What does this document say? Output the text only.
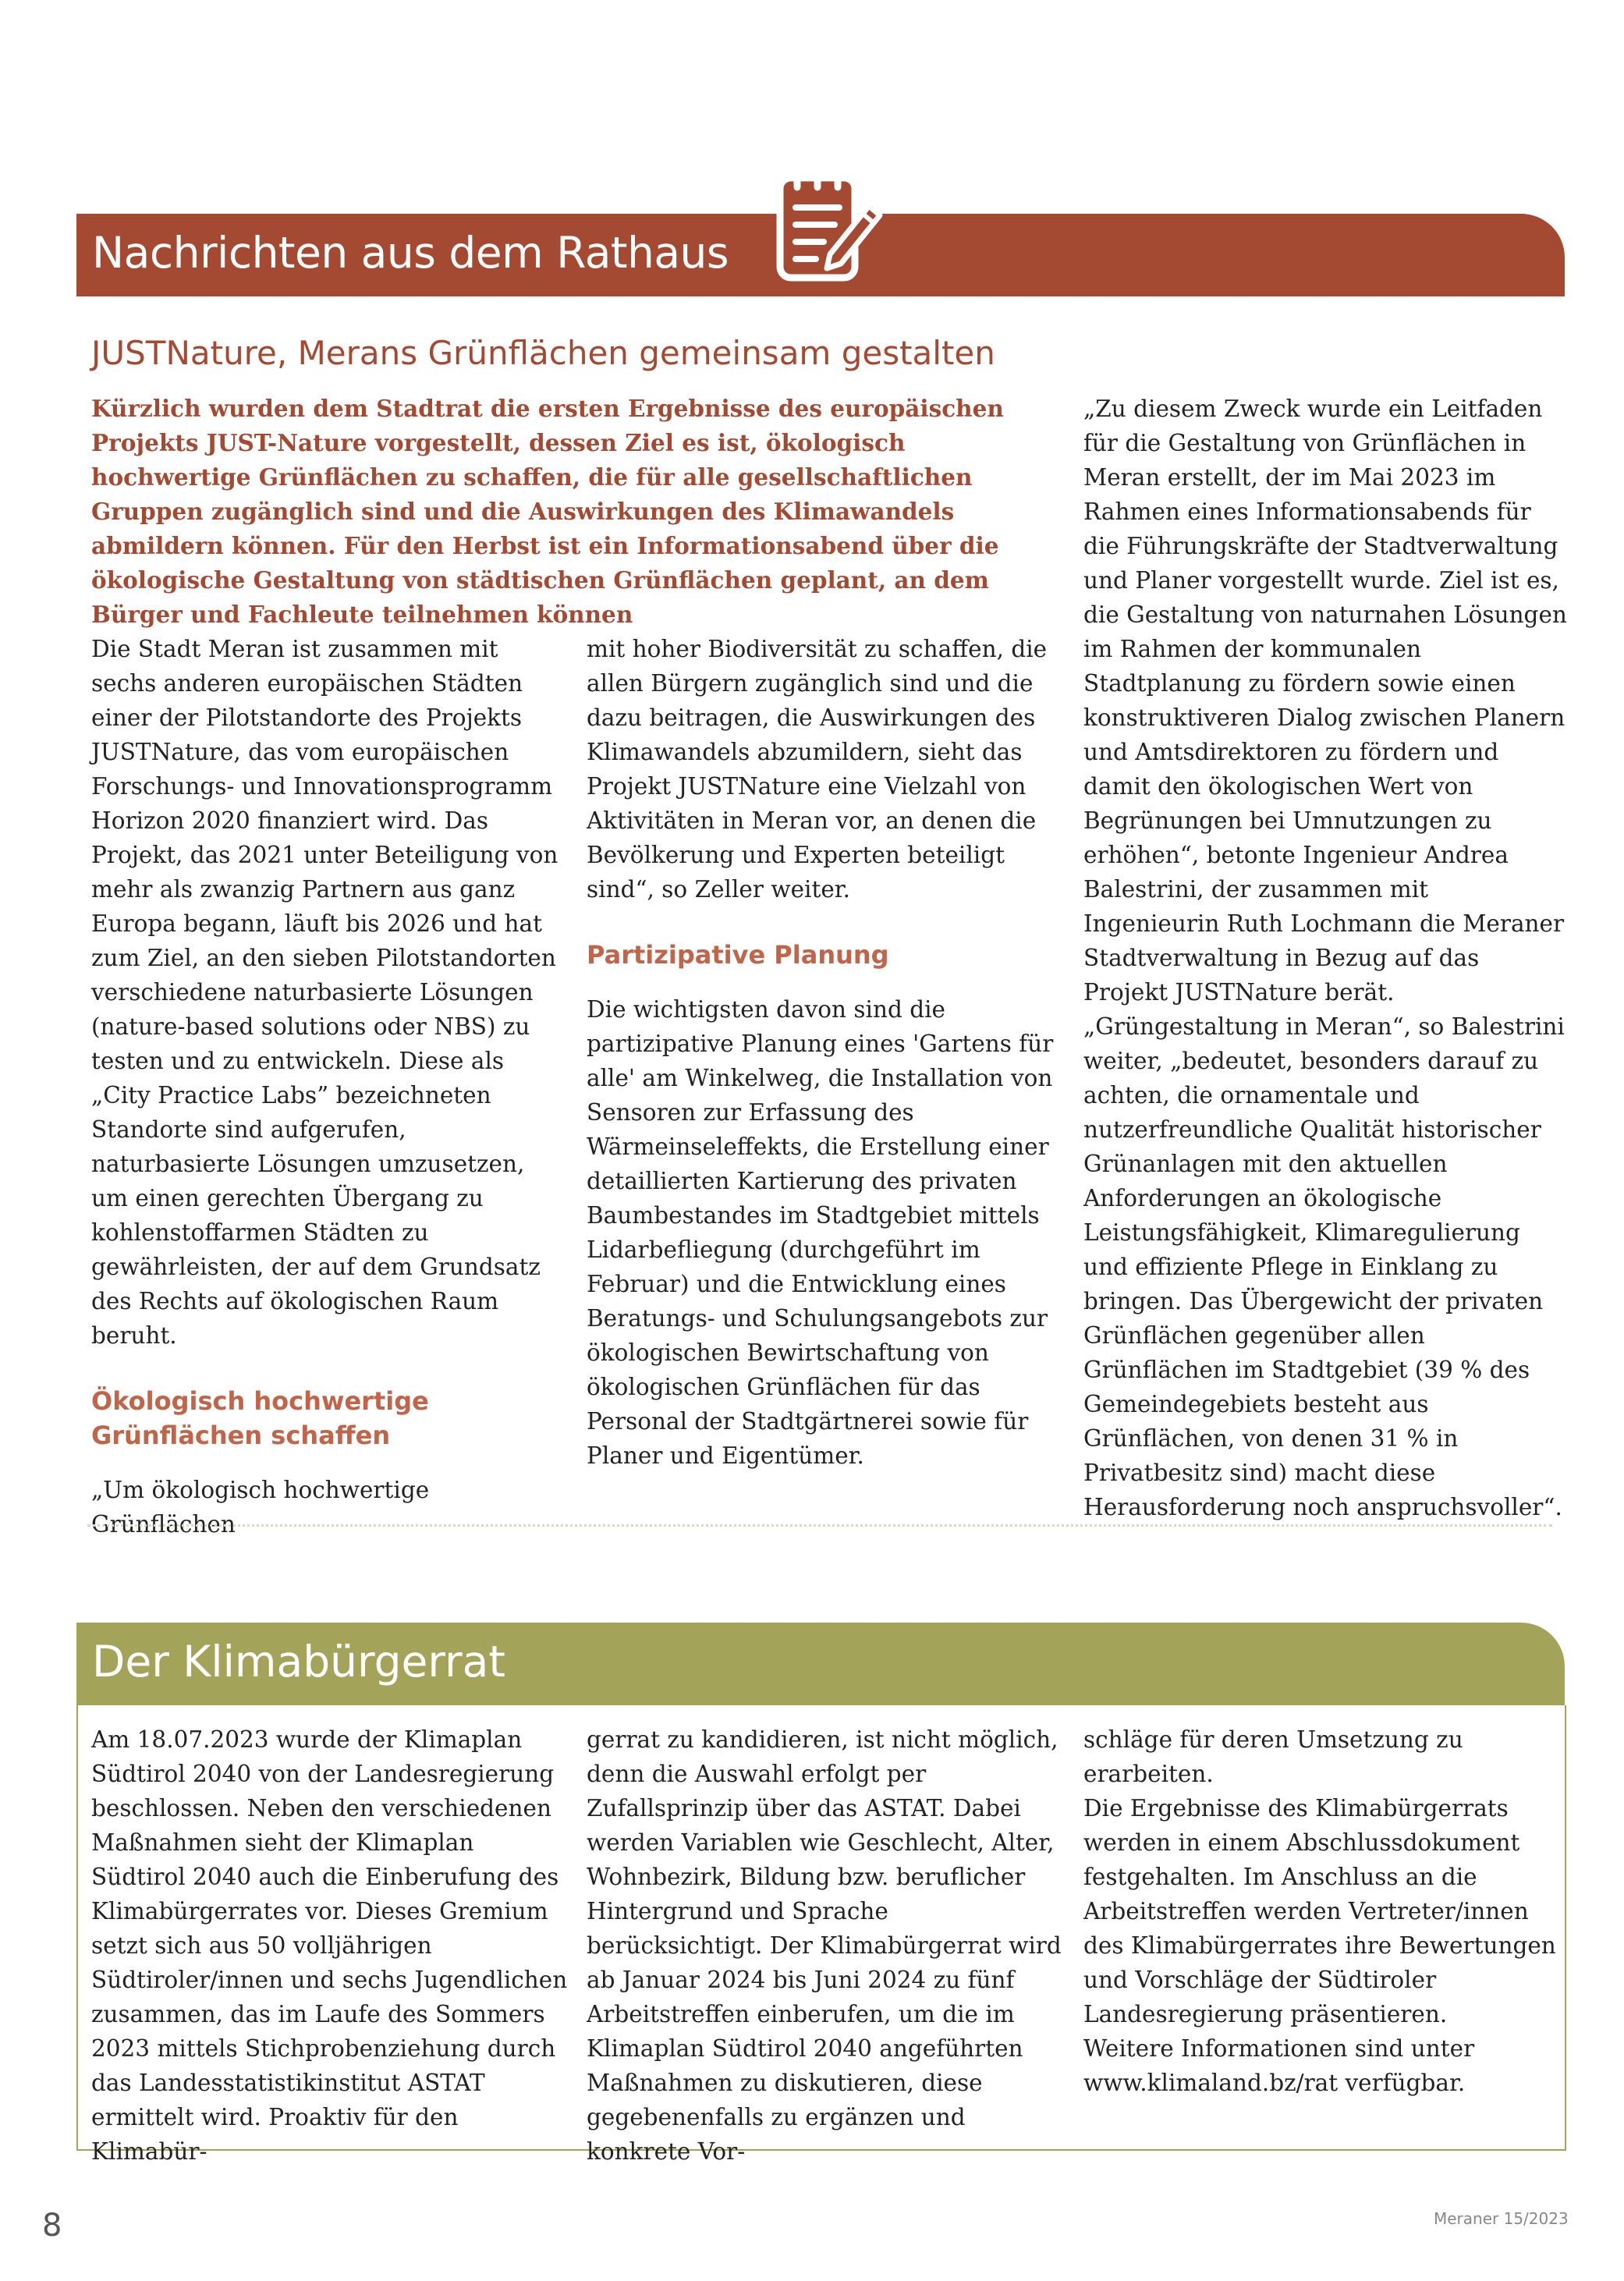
Nachrichten aus dem Rathaus
JUSTNature, Merans Grünflächen gemeinsam gestalten
Kürzlich wurden dem Stadtrat die ersten Ergebnisse des europäischen Projekts JUST-Nature vorgestellt, dessen Ziel es ist, ökologisch hochwertige Grünflächen zu schaffen, die für alle gesellschaftlichen Gruppen zugänglich sind und die Auswirkungen des Klimawandels abmildern können. Für den Herbst ist ein Informationsabend über die ökologische Gestaltung von städtischen Grünflächen geplant, an dem Bürger und Fachleute teilnehmen können

Die Stadt Meran ist zusammen mit sechs anderen europäischen Städten einer der Pilotstandorte des Projekts JUSTNature, das vom europäischen Forschungs- und Innovationsprogramm Horizon 2020 finanziert wird. Das Projekt, das 2021 unter Beteiligung von mehr als zwanzig Partnern aus ganz Europa begann, läuft bis 2026 und hat zum Ziel, an den sieben Pilotstandorten verschiedene naturbasierte Lösungen (nature-based solutions oder NBS) zu testen und zu entwickeln. Diese als „City Practice Labs” bezeichneten Standorte sind aufgerufen, naturbasierte Lösungen umzusetzen, um einen gerechten Übergang zu kohlenstoffarmen Städten zu gewährleisten, der auf dem Grundsatz des Rechts auf ökologischen Raum beruht.

Ökologisch hochwertige Grünflächen schaffen

„Um ökologisch hochwertige Grünflächen

mit hoher Biodiversität zu schaffen, die allen Bürgern zugänglich sind und die dazu beitragen, die Auswirkungen des Klimawandels abzumildern, sieht das Projekt JUSTNature eine Vielzahl von Aktivitäten in Meran vor, an denen die Bevölkerung und Experten beteiligt sind“, so Zeller weiter.

Partizipative Planung

Die wichtigsten davon sind die partizipative Planung eines 'Gartens für alle' am Winkelweg, die Installation von Sensoren zur Erfassung des Wärmeinseleffekts, die Erstellung einer detaillierten Kartierung des privaten Baumbestandes im Stadtgebiet mittels Lidarbefliegung (durchgeführt im Februar) und die Entwicklung eines Beratungs- und Schulungsangebots zur ökologischen Bewirtschaftung von ökologischen Grünflächen für das Personal der Stadtgärtnerei sowie für Planer und Eigentümer.

„Zu diesem Zweck wurde ein Leitfaden für die Gestaltung von Grünflächen in Meran erstellt, der im Mai 2023 im Rahmen eines Informationsabends für die Führungskräfte der Stadtverwaltung und Planer vorgestellt wurde. Ziel ist es, die Gestaltung von naturnahen Lösungen im Rahmen der kommunalen Stadtplanung zu fördern sowie einen konstruktiveren Dialog zwischen Planern und Amtsdirektoren zu fördern und damit den ökologischen Wert von Begrünungen bei Umnutzungen zu erhöhen“, betonte Ingenieur Andrea Balestrini, der zusammen mit Ingenieurin Ruth Lochmann die Meraner Stadtverwaltung in Bezug auf das Projekt JUSTNature berät. „Grüngestaltung in Meran“, so Balestrini weiter, „bedeutet, besonders darauf zu achten, die ornamentale und nutzerfreundliche Qualität historischer Grünanlagen mit den aktuellen Anforderungen an ökologische Leistungsfähigkeit, Klimaregulierung und effiziente Pflege in Einklang zu bringen. Das Übergewicht der privaten Grünflächen gegenüber allen Grünflächen im Stadtgebiet (39 % des Gemeindegebiets besteht aus Grünflächen, von denen 31 % in Privatbesitz sind) macht diese Herausforderung noch anspruchsvoller“.

Der Klimabürgerrat

Am 18.07.2023 wurde der Klimaplan Südtirol 2040 von der Landesregierung beschlossen. Neben den verschiedenen Maßnahmen sieht der Klimaplan Südtirol 2040 auch die Einberufung des Klimabürgerrates vor. Dieses Gremium setzt sich aus 50 volljährigen Südtiroler/innen und sechs Jugendlichen zusammen, das im Laufe des Sommers 2023 mittels Stichprobenziehung durch das Landesstatistikinstitut ASTAT ermittelt wird. Proaktiv für den Klimabür-

gerrat zu kandidieren, ist nicht möglich, denn die Auswahl erfolgt per Zufallsprinzip über das ASTAT. Dabei werden Variablen wie Geschlecht, Alter, Wohnbezirk, Bildung bzw. beruflicher Hintergrund und Sprache berücksichtigt. Der Klimabürgerrat wird ab Januar 2024 bis Juni 2024 zu fünf Arbeitstreffen einberufen, um die im Klimaplan Südtirol 2040 angeführten Maßnahmen zu diskutieren, diese gegebenenfalls zu ergänzen und konkrete Vor-

schläge für deren Umsetzung zu erarbeiten.

Die Ergebnisse des Klimabürgerrats werden in einem Abschlussdokument festgehalten. Im Anschluss an die Arbeitstreffen werden Vertreter/innen des Klimabürgerrates ihre Bewertungen und Vorschläge der Südtiroler Landesregierung präsentieren.

Weitere Informationen sind unter www.klimaland.bz/rat verfügbar.

8	Meraner 15/2023
